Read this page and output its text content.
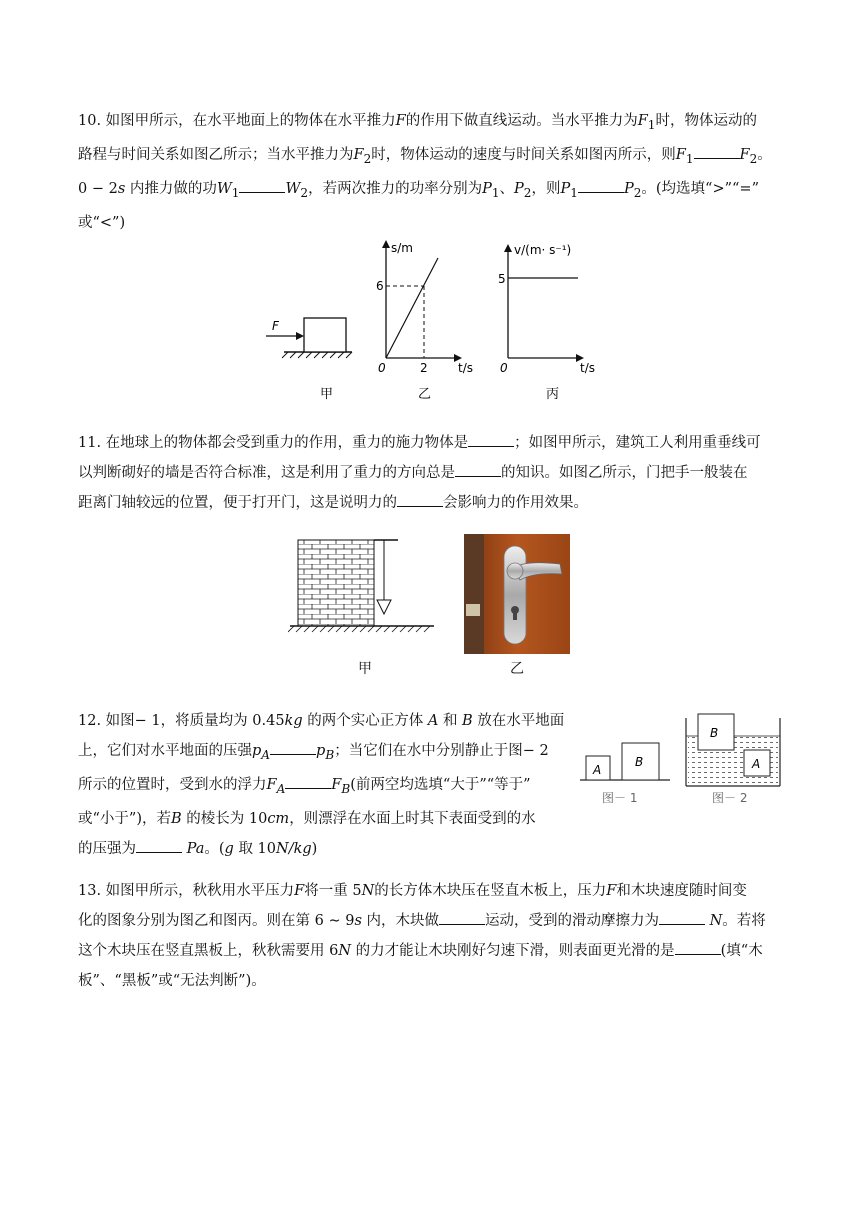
10. 如图甲所示，在水平地面上的物体在水平推力F的作用下做直线运动。当水平推力为$F_1$时，物体运动的

路程与时间关系如图乙所示；当水平推力为$F_2$时，物体运动的速度与时间关系如图丙所示，则$F_1$	$F_2$。

0 − 2s 内推力做的功$W_1$	$W_2$，若两次推力的功率分别为$P_1$、$P_2$，则$P_1$	$P_2$。(均选填“>”“=”

或“<”)

F
s/m
6
2
0	t/s
v/(m· s⁻¹)
5
0	t/s
甲	乙	丙

11. 在地球上的物体都会受到重力的作用，重力的施力物体是	；如图甲所示，建筑工人利用重垂线可

以判断砌好的墙是否符合标准，这是利用了重力的方向总是	的知识。如图乙所示，门把手一般装在

距离门轴较远的位置，便于打开门，这是说明力的	会影响力的作用效果。

甲	乙

12. 如图− 1，将质量均为 0.45kg 的两个实心正方体 A 和 B 放在水平地面

上，它们对水平地面的压强$p_A$	$p_B$；当它们在水中分别静止于图− 2

所示的位置时，受到水的浮力$F_A$	$F_B$(前两空均选填“大于”“等于”

或“小于”)，若B 的棱长为 10cm，则漂浮在水面上时其下表面受到的水

的压强为	Pa。(g 取 10N/kg)

A
B
图－ 1
B
A
图－ 2

13. 如图甲所示，秋秋用水平压力F将一重 5N的长方体木块压在竖直木板上，压力F和木块速度随时间变

化的图象分别为图乙和图丙。则在第 6 ∼ 9s 内，木块做	运动，受到的滑动摩擦力为	N。若将

这个木块压在竖直黑板上，秋秋需要用 6N 的力才能让木块刚好匀速下滑，则表面更光滑的是	(填“木

板”、“黑板”或“无法判断”)。
